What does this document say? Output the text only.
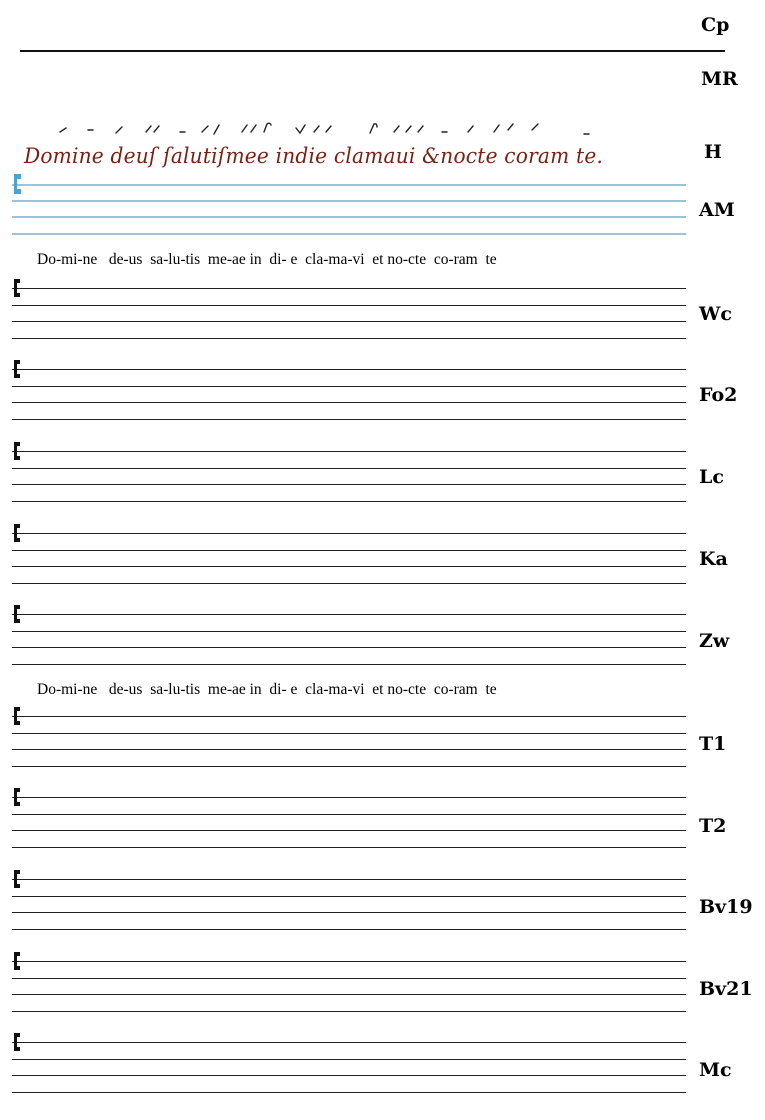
Cp
MR
H
AM
Wc
Fo2
Lc
Ka
Zw
T1
T2
Bv19
Bv21
Mc
Domine deuſ ſalutiſmee indie clamaui &nocte coram te.
Do-mi-ne   de-us  sa-lu-tis  me-ae in  di- e  cla-ma-vi  et no-cte  co-ram  te
Do-mi-ne   de-us  sa-lu-tis  me-ae in  di- e  cla-ma-vi  et no-cte  co-ram  te
